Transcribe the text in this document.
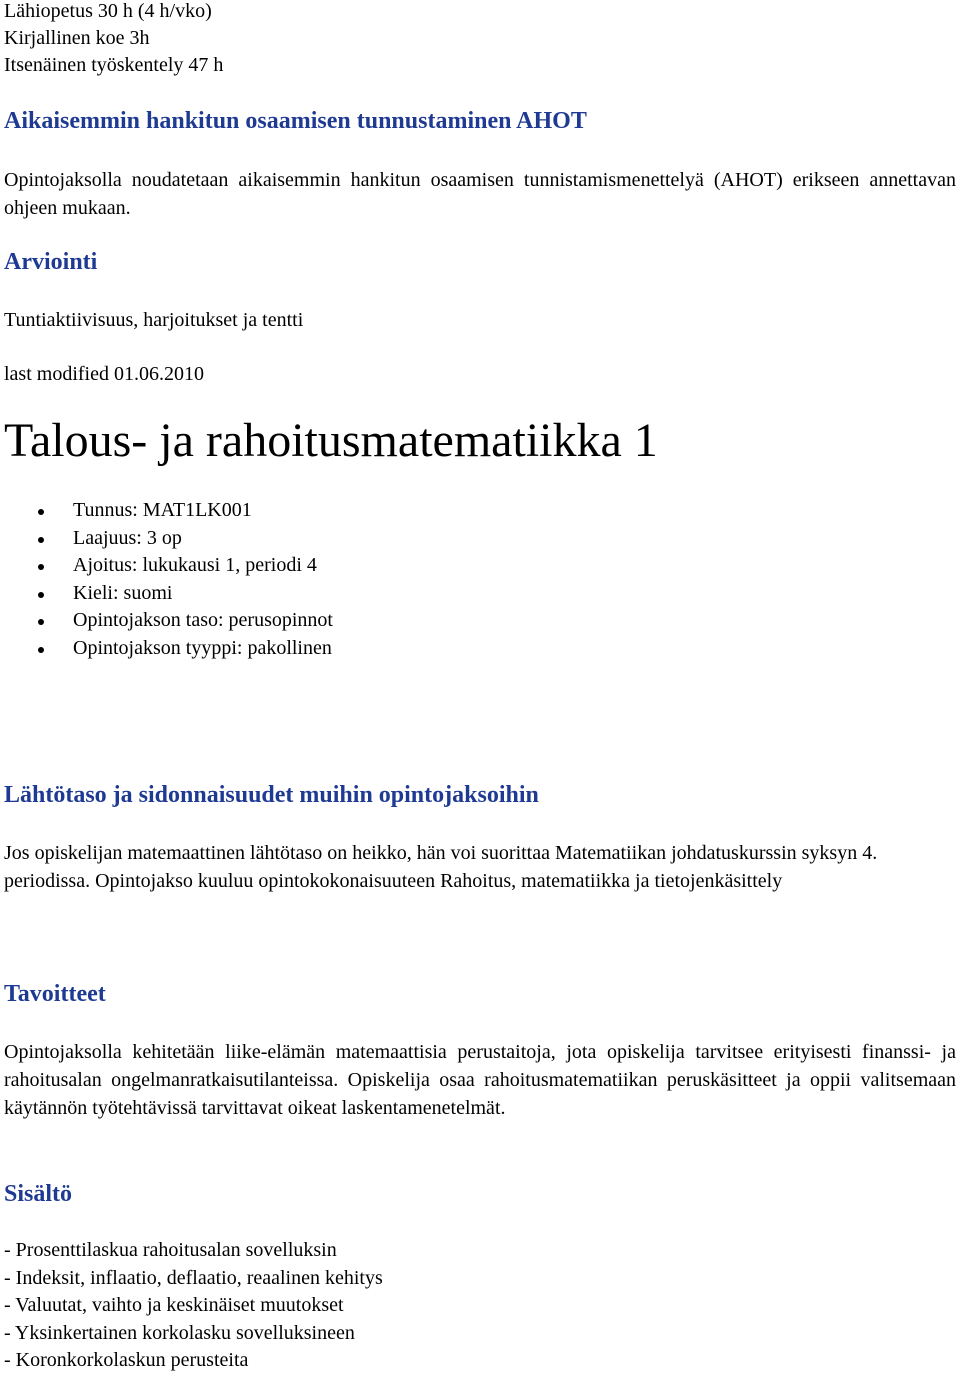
Lähiopetus 30 h (4 h/vko)
Kirjallinen koe 3h
Itsenäinen työskentely 47 h
Aikaisemmin hankitun osaamisen tunnustaminen AHOT
Opintojaksolla noudatetaan aikaisemmin hankitun osaamisen tunnistamismenettelyä (AHOT) erikseen annettavan ohjeen mukaan.
Arviointi
Tuntiaktiivisuus, harjoitukset ja tentti
last modified 01.06.2010
Talous- ja rahoitusmatematiikka 1
Tunnus: MAT1LK001
Laajuus: 3 op
Ajoitus: lukukausi 1, periodi 4
Kieli: suomi
Opintojakson taso: perusopinnot
Opintojakson tyyppi: pakollinen
Lähtötaso ja sidonnaisuudet muihin opintojaksoihin
Jos opiskelijan matemaattinen lähtötaso on heikko, hän voi suorittaa Matematiikan johdatuskurssin syksyn 4. periodissa. Opintojakso kuuluu opintokokonaisuuteen Rahoitus, matematiikka ja tietojenkäsittely
Tavoitteet
Opintojaksolla kehitetään liike-elämän matemaattisia perustaitoja, jota opiskelija tarvitsee erityisesti finanssi- ja rahoitusalan ongelmanratkaisutilanteissa. Opiskelija osaa rahoitusmatematiikan peruskäsitteet ja oppii valitsemaan käytännön työtehtävissä tarvittavat oikeat laskentamenetelmät.
Sisältö
- Prosenttilaskua rahoitusalan sovelluksin
- Indeksit, inflaatio, deflaatio, reaalinen kehitys
- Valuutat, vaihto ja keskinäiset muutokset
- Yksinkertainen korkolasku sovelluksineen
- Koronkorkolaskun perusteita
